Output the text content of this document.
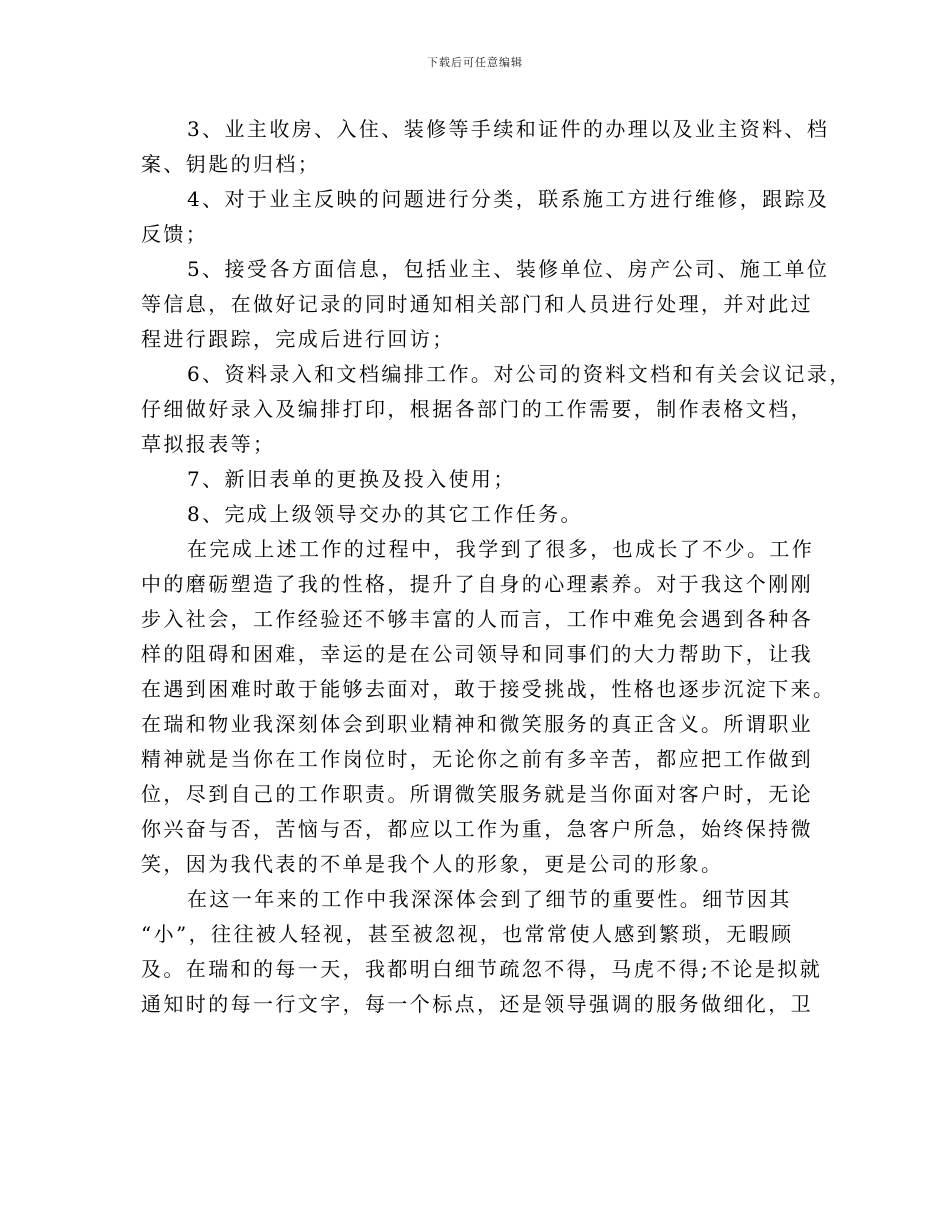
下载后可任意编辑
3、业主收房、入住、装修等手续和证件的办理以及业主资料、档
案、钥匙的归档；
4、对于业主反映的问题进行分类，联系施工方进行维修，跟踪及
反馈；
5、接受各方面信息，包括业主、装修单位、房产公司、施工单位
等信息，在做好记录的同时通知相关部门和人员进行处理，并对此过
程进行跟踪，完成后进行回访；
6、资料录入和文档编排工作。对公司的资料文档和有关会议记录，
仔细做好录入及编排打印，根据各部门的工作需要，制作表格文档，
草拟报表等；
7、新旧表单的更换及投入使用；
8、完成上级领导交办的其它工作任务。
在完成上述工作的过程中，我学到了很多，也成长了不少。工作
中的磨砺塑造了我的性格，提升了自身的心理素养。对于我这个刚刚
步入社会，工作经验还不够丰富的人而言，工作中难免会遇到各种各
样的阻碍和困难，幸运的是在公司领导和同事们的大力帮助下，让我
在遇到困难时敢于能够去面对，敢于接受挑战，性格也逐步沉淀下来。
在瑞和物业我深刻体会到职业精神和微笑服务的真正含义。所谓职业
精神就是当你在工作岗位时，无论你之前有多辛苦，都应把工作做到
位，尽到自己的工作职责。所谓微笑服务就是当你面对客户时，无论
你兴奋与否，苦恼与否，都应以工作为重，急客户所急，始终保持微
笑，因为我代表的不单是我个人的形象，更是公司的形象。
在这一年来的工作中我深深体会到了细节的重要性。细节因其
“小”，往往被人轻视，甚至被忽视，也常常使人感到繁琐，无暇顾
及。在瑞和的每一天，我都明白细节疏忽不得，马虎不得;不论是拟就
通知时的每一行文字，每一个标点，还是领导强调的服务做细化，卫
